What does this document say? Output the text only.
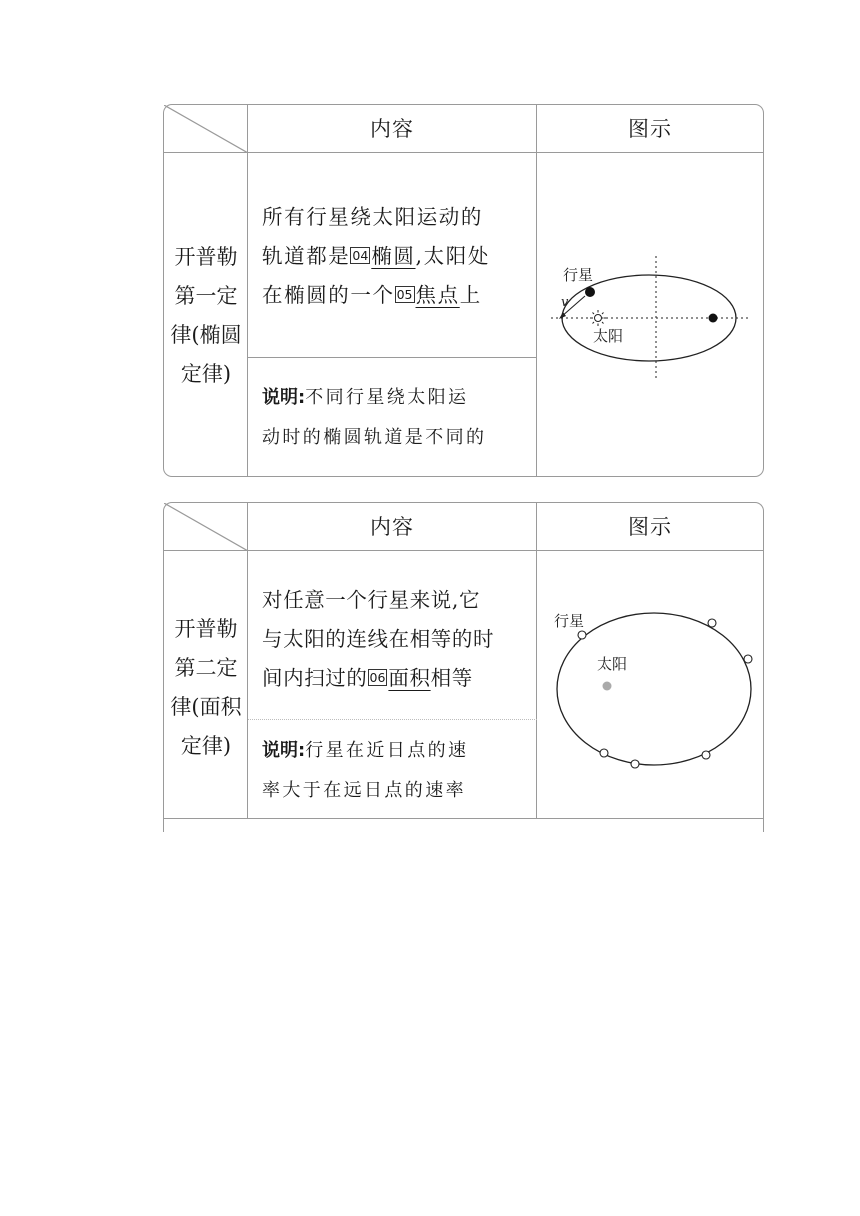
内容	图示
开普勒
第一定
律(椭圆
定律)
所有行星绕太阳运动的
轨道都是 04 椭圆,太阳处
在椭圆的一个 05 焦点上
说明:不同行星绕太阳运
动时的椭圆轨道是不同的
行星
v
太阳
内容	图示
开普勒
第二定
律(面积
定律)
对任意一个行星来说,它
与太阳的连线在相等的时
间内扫过的 06 面积相等
说明:行星在近日点的速
率大于在远日点的速率
行星
太阳
